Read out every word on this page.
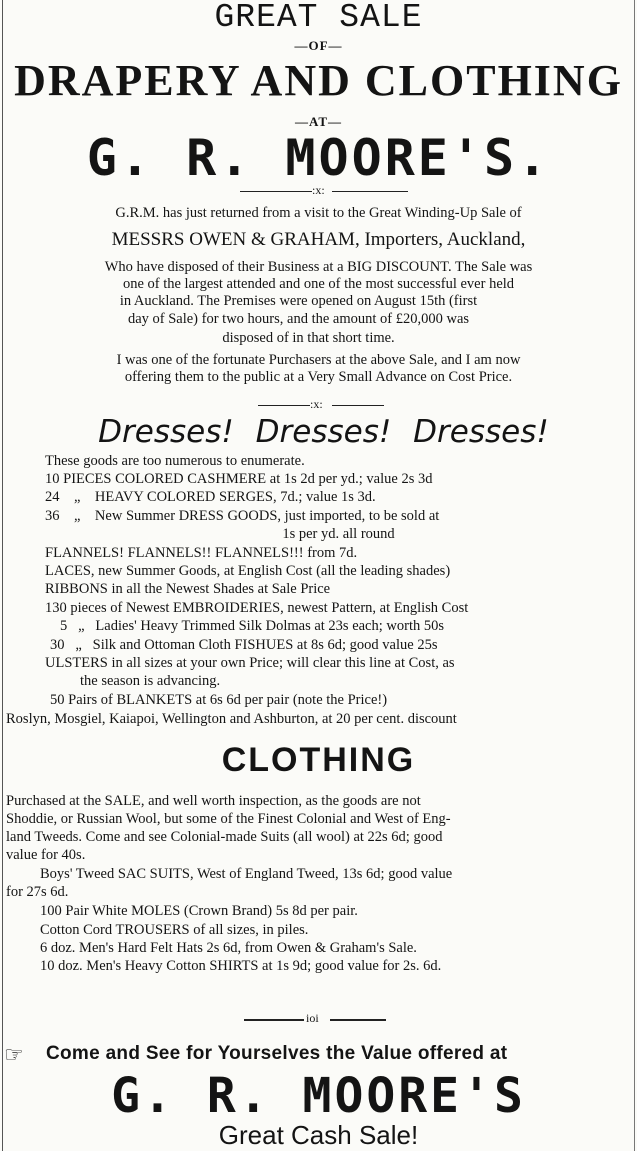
GREAT SALE
—OF—
DRAPERY AND CLOTHING
—AT—
G. R. MOORE'S.
:x:
G.R.M. has just returned from a visit to the Great Winding-Up Sale of
MESSRS OWEN & GRAHAM, Importers, Auckland,
Who have disposed of their Business at a BIG DISCOUNT. The Sale was
one of the largest attended and one of the most successful ever held
in Auckland. The Premises were opened on August 15th (first
day of Sale) for two hours, and the amount of £20,000 was
disposed of in that short time.
I was one of the fortunate Purchasers at the above Sale, and I am now
offering them to the public at a Very Small Advance on Cost Price.
:x:
Dresses! Dresses! Dresses!
These goods are too numerous to enumerate.
10 PIECES COLORED CASHMERE at 1s 2d per yd.; value 2s 3d
24    „    HEAVY COLORED SERGES, 7d.; value 1s 3d.
36    „    New Summer DRESS GOODS, just imported, to be sold at
1s per yd. all round
FLANNELS! FLANNELS!! FLANNELS!!! from 7d.
LACES, new Summer Goods, at English Cost (all the leading shades)
RIBBONS in all the Newest Shades at Sale Price
130 pieces of Newest EMBROIDERIES, newest Pattern, at English Cost
5   „   Ladies' Heavy Trimmed Silk Dolmas at 23s each; worth 50s
30   „   Silk and Ottoman Cloth FISHUES at 8s 6d; good value 25s
ULSTERS in all sizes at your own Price; will clear this line at Cost, as
the season is advancing.
50 Pairs of BLANKETS at 6s 6d per pair (note the Price!)
Roslyn, Mosgiel, Kaiapoi, Wellington and Ashburton, at 20 per cent. discount
CLOTHING
Purchased at the SALE, and well worth inspection, as the goods are not
Shoddie, or Russian Wool, but some of the Finest Colonial and West of Eng-
land Tweeds. Come and see Colonial-made Suits (all wool) at 22s 6d; good
value for 40s.
Boys' Tweed SAC SUITS, West of England Tweed, 13s 6d; good value
for 27s 6d.
100 Pair White MOLES (Crown Brand) 5s 8d per pair.
Cotton Cord TROUSERS of all sizes, in piles.
6 doz. Men's Hard Felt Hats 2s 6d, from Owen & Graham's Sale.
10 doz. Men's Heavy Cotton SHIRTS at 1s 9d; good value for 2s. 6d.
ioi
☞ Come and See for Yourselves the Value offered at
G. R. MOORE'S
Great Cash Sale!
